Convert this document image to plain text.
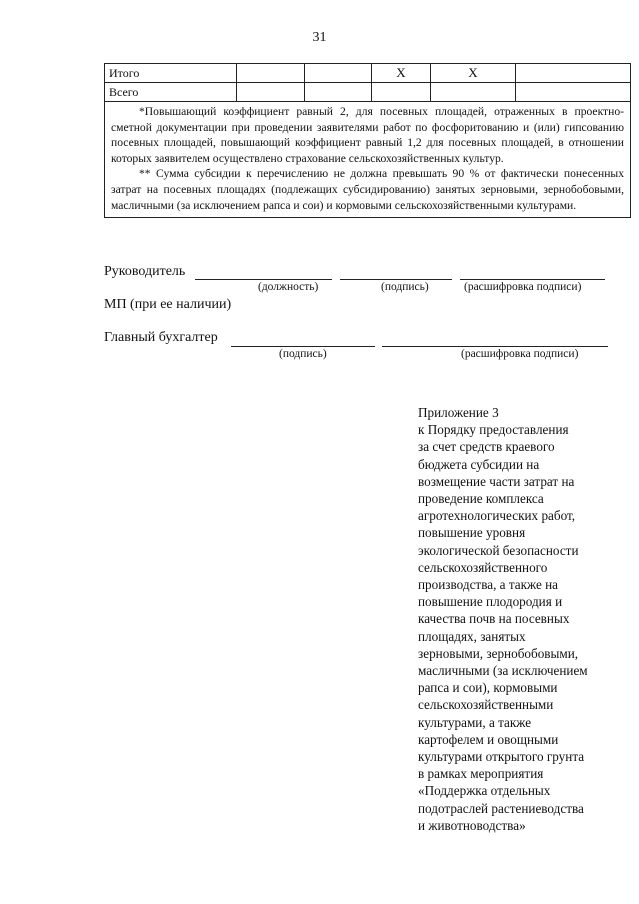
31
Итого			X	X	
Всего					

*Повышающий коэффициент равный 2, для посевных площадей, отраженных в проектно-сметной документации при проведении заявителями работ по фосфоритованию и (или) гипсованию посевных площадей, повышающий коэффициент равный 1,2 для посевных площадей, в отношении которых заявителем осуществлено страхование сельскохозяйственных культур.

** Сумма субсидии к перечислению не должна превышать 90 % от фактически понесенных затрат на посевных площадях (подлежащих субсидированию) занятых зерновыми, зернобобовыми, масличными (за исключением рапса и сои) и кормовыми сельскохозяйственными культурами.					

Руководитель
(должность)	(подпись)	(расшифровка подписи)
МП (при ее наличии)
Главный бухгалтер
(подпись)	(расшифровка подписи)
Приложение 3
к Порядку предоставления
за счет средств краевого
бюджета субсидии на
возмещение части затрат на
проведение комплекса
агротехнологических работ,
повышение уровня
экологической безопасности
сельскохозяйственного
производства, а также на
повышение плодородия и
качества почв на посевных
площадях, занятых
зерновыми, зернобобовыми,
масличными (за исключением
рапса и сои), кормовыми
сельскохозяйственными
культурами, а также
картофелем и овощными
культурами открытого грунта
в рамках мероприятия
«Поддержка отдельных
подотраслей растениеводства
и животноводства»
